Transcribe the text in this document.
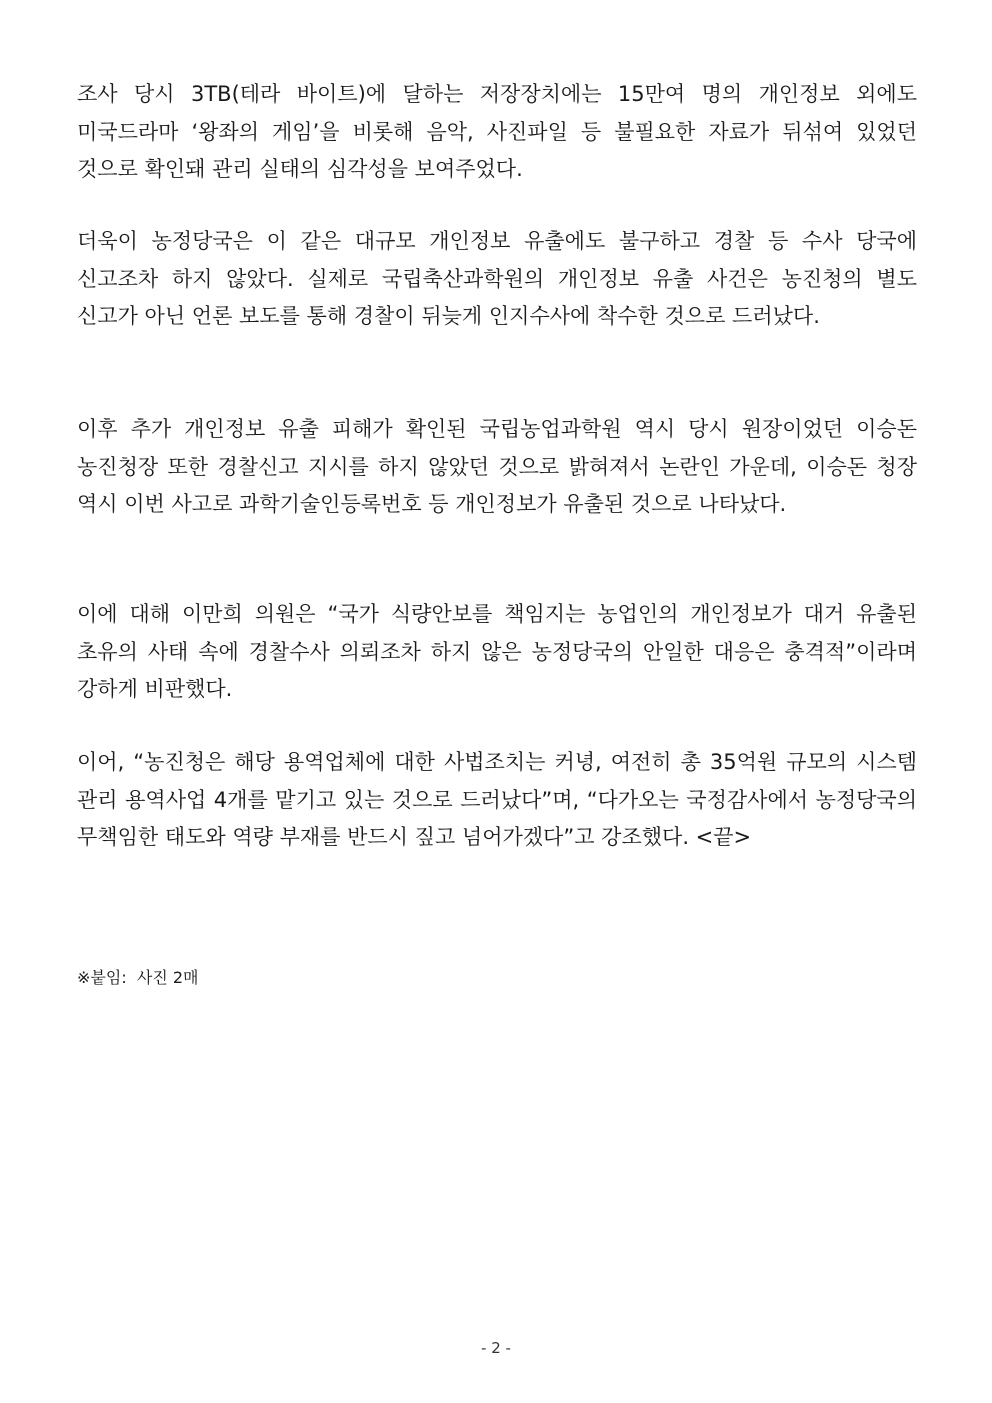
조사 당시 3TB(테라 바이트)에 달하는 저장장치에는 15만여 명의 개인정보 외에도 미국드라마 ‘왕좌의 게임’을 비롯해 음악, 사진파일 등 불필요한 자료가 뒤섞여 있었던 것으로 확인돼 관리 실태의 심각성을 보여주었다.

더욱이 농정당국은 이 같은 대규모 개인정보 유출에도 불구하고 경찰 등 수사 당국에 신고조차 하지 않았다. 실제로 국립축산과학원의 개인정보 유출 사건은 농진청의 별도 신고가 아닌 언론 보도를 통해 경찰이 뒤늦게 인지수사에 착수한 것으로 드러났다.

이후 추가 개인정보 유출 피해가 확인된 국립농업과학원 역시 당시 원장이었던 이승돈 농진청장 또한 경찰신고 지시를 하지 않았던 것으로 밝혀져서 논란인 가운데, 이승돈 청장 역시 이번 사고로 과학기술인등록번호 등 개인정보가 유출된 것으로 나타났다.

이에 대해 이만희 의원은 “국가 식량안보를 책임지는 농업인의 개인정보가 대거 유출된 초유의 사태 속에 경찰수사 의뢰조차 하지 않은 농정당국의 안일한 대응은 충격적”이라며 강하게 비판했다.

이어, “농진청은 해당 용역업체에 대한 사법조치는 커녕, 여전히 총 35억원 규모의 시스템 관리 용역사업 4개를 맡기고 있는 것으로 드러났다”며, “다가오는 국정감사에서 농정당국의 무책임한 태도와 역량 부재를 반드시 짚고 넘어가겠다”고 강조했다. <끝>

※붙임:  사진 2매
- 2 -
